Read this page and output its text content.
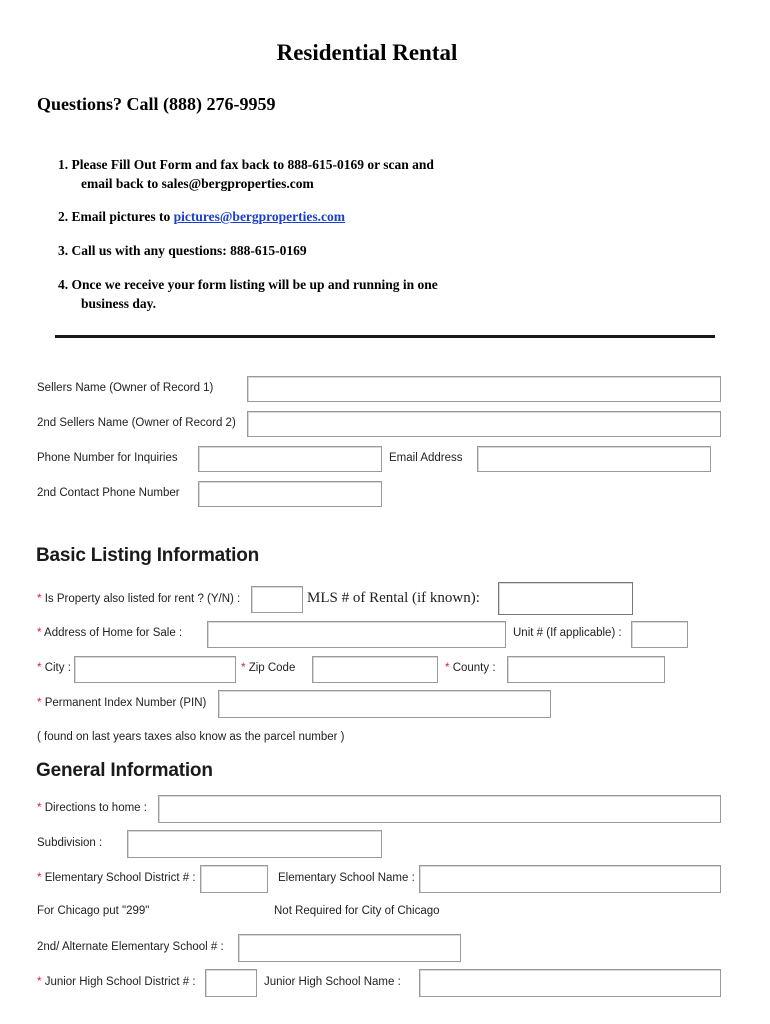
Residential Rental
Questions? Call (888) 276-9959
1. Please Fill Out Form and fax back to 888-615-0169 or scan and
email back to sales@bergproperties.com
2. Email pictures to pictures@bergproperties.com
3. Call us with any questions: 888-615-0169
4. Once we receive your form listing will be up and running in one
business day.
Sellers Name (Owner of Record 1)
2nd Sellers Name (Owner of Record 2)
Phone Number for Inquiries	Email Address
2nd Contact Phone Number
Basic Listing Information
* Is Property also listed for rent ? (Y/N) :	MLS # of Rental (if known):
* Address of Home for Sale :	Unit # (If applicable) :
* City :	* Zip Code	* County :
* Permanent Index Number (PIN)
( found on last years taxes also know as the parcel number )
General Information
* Directions to home :
Subdivision :
* Elementary School District # :	Elementary School Name :
For Chicago put "299"	Not Required for City of Chicago
2nd/ Alternate Elementary School # :
* Junior High School District # :	Junior High School Name :
